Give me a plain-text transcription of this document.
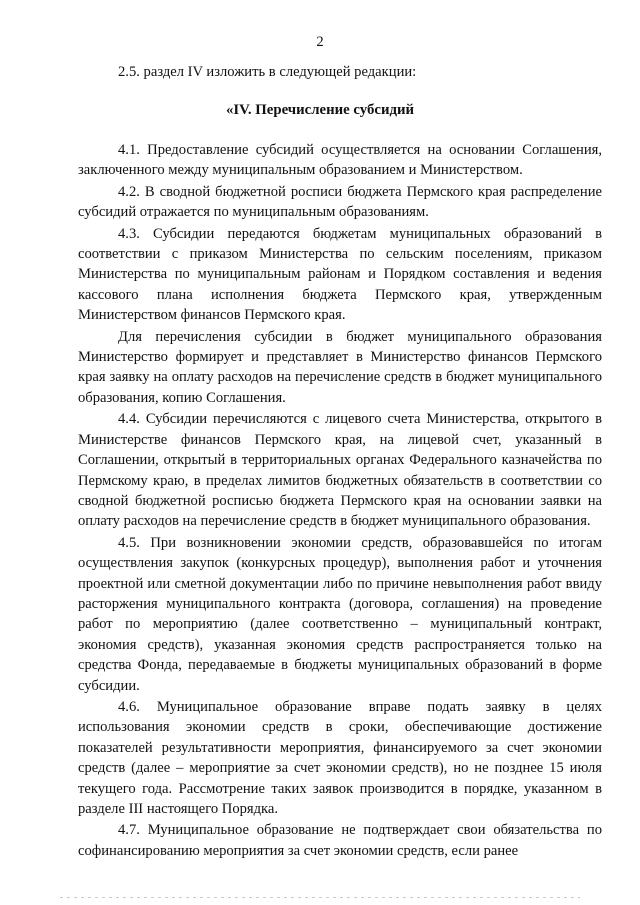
2
2.5. раздел IV изложить в следующей редакции:
«IV. Перечисление субсидий

4.1. Предоставление субсидий осуществляется на основании Соглашения, заключенного между муниципальным образованием и Министерством.

4.2. В сводной бюджетной росписи бюджета Пермского края распределение субсидий отражается по муниципальным образованиям.

4.3. Субсидии передаются бюджетам муниципальных образований в соответствии с приказом Министерства по сельским поселениям, приказом Министерства по муниципальным районам и Порядком составления и ведения кассового плана исполнения бюджета Пермского края, утвержденным Министерством финансов Пермского края.

Для перечисления субсидии в бюджет муниципального образования Министерство формирует и представляет в Министерство финансов Пермского края заявку на оплату расходов на перечисление средств в бюджет муниципального образования, копию Соглашения.

4.4. Субсидии перечисляются с лицевого счета Министерства, открытого в Министерстве финансов Пермского края, на лицевой счет, указанный в Соглашении, открытый в территориальных органах Федерального казначейства по Пермскому краю, в пределах лимитов бюджетных обязательств в соответствии со сводной бюджетной росписью бюджета Пермского края на основании заявки на оплату расходов на перечисление средств в бюджет муниципального образования.

4.5. При возникновении экономии средств, образовавшейся по итогам осуществления закупок (конкурсных процедур), выполнения работ и уточнения проектной или сметной документации либо по причине невыполнения работ ввиду расторжения муниципального контракта (договора, соглашения) на проведение работ по мероприятию (далее соответственно – муниципальный контракт, экономия средств), указанная экономия средств распространяется только на средства Фонда, передаваемые в бюджеты муниципальных образований в форме субсидии.

4.6. Муниципальное образование вправе подать заявку в целях использования экономии средств в сроки, обеспечивающие достижение показателей результативности мероприятия, финансируемого за счет экономии средств (далее – мероприятие за счет экономии средств), но не позднее 15 июля текущего года. Рассмотрение таких заявок производится в порядке, указанном в разделе III настоящего Порядка.

4.7. Муниципальное образование не подтверждает свои обязательства по софинансированию мероприятия за счет экономии средств, если ранее
